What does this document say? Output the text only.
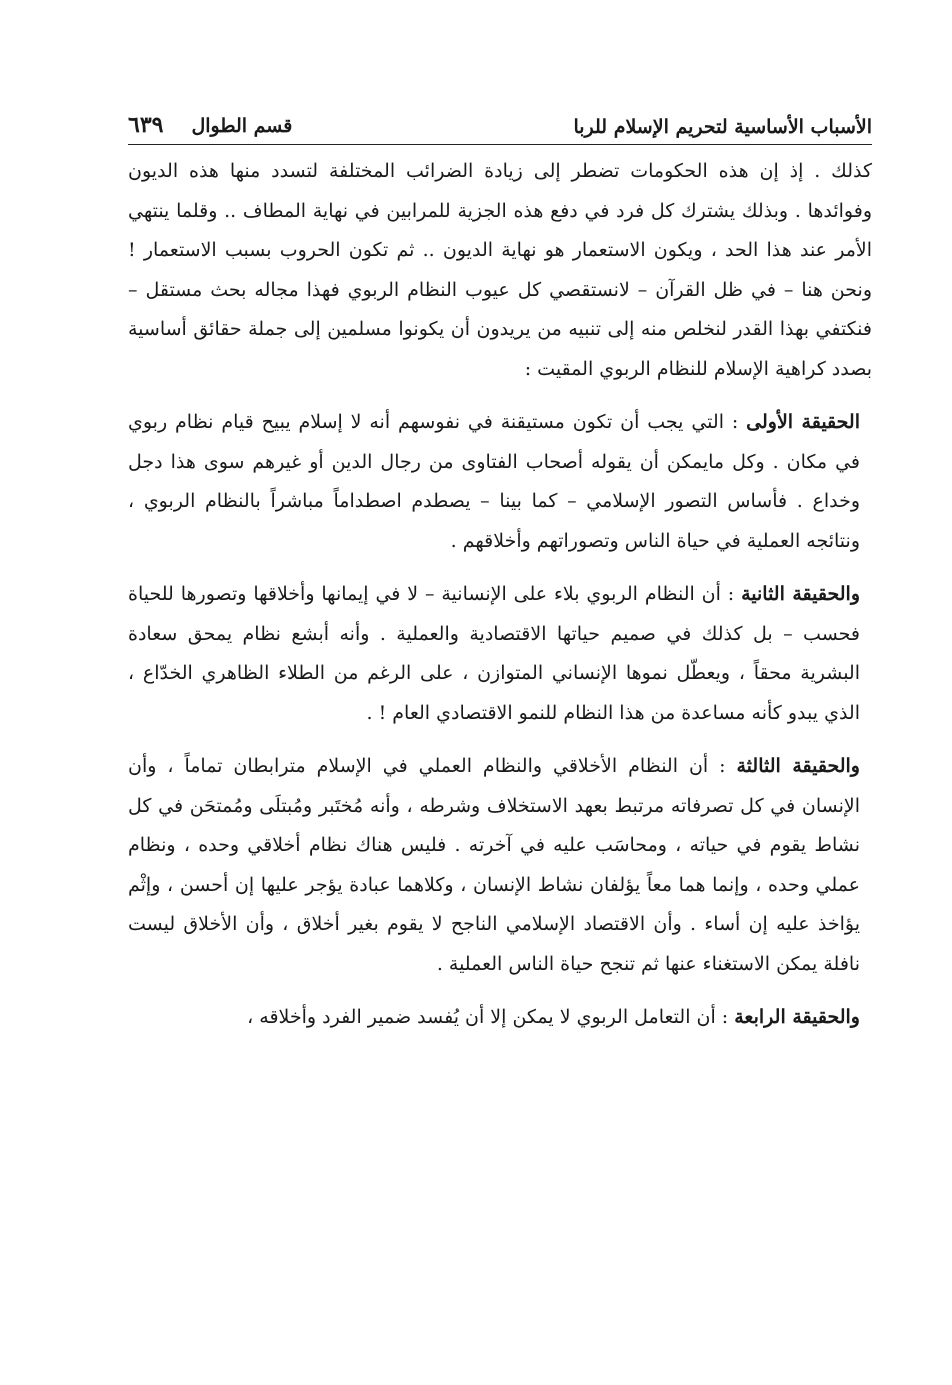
الأسباب الأساسية لتحريم الإسلام للربا
قسم الطوال
٦٣٩

كذلك . إذ إن هذه الحكومات تضطر إلى زيادة الضرائب المختلفة لتسدد منها هذه الديون وفوائدها . وبذلك يشترك كل فرد في دفع هذه الجزية للمرابين في نهاية المطاف .. وقلما ينتهي الأمر عند هذا الحد ، ويكون الاستعمار هو نهاية الديون .. ثم تكون الحروب بسبب الاستعمار ! ونحن هنا – في ظل القرآن – لانستقصي كل عيوب النظام الربوي فهذا مجاله بحث مستقل – فنكتفي بهذا القدر لنخلص منه إلى تنبيه من يريدون أن يكونوا مسلمين إلى جملة حقائق أساسية بصدد كراهية الإسلام للنظام الربوي المقيت :

الحقيقة الأولى : التي يجب أن تكون مستيقنة في نفوسهم أنه لا إسلام يبيح قيام نظام ربوي في مكان . وكل مايمكن أن يقوله أصحاب الفتاوى من رجال الدين أو غيرهم سوى هذا دجل وخداع . فأساس التصور الإسلامي – كما بينا – يصطدم اصطداماً مباشراً بالنظام الربوي ، ونتائجه العملية في حياة الناس وتصوراتهم وأخلاقهم .

والحقيقة الثانية : أن النظام الربوي بلاء على الإنسانية – لا في إيمانها وأخلاقها وتصورها للحياة فحسب – بل كذلك في صميم حياتها الاقتصادية والعملية . وأنه أبشع نظام يمحق سعادة البشرية محقاً ، ويعطّل نموها الإنساني المتوازن ، على الرغم من الطلاء الظاهري الخدّاع ، الذي يبدو كأنه مساعدة من هذا النظام للنمو الاقتصادي العام ! .

والحقيقة الثالثة : أن النظام الأخلاقي والنظام العملي في الإسلام مترابطان تماماً ، وأن الإنسان في كل تصرفاته مرتبط بعهد الاستخلاف وشرطه ، وأنه مُختَبر ومُبتلَى ومُمتحَن في كل نشاط يقوم في حياته ، ومحاسَب عليه في آخرته . فليس هناك نظام أخلاقي وحده ، ونظام عملي وحده ، وإنما هما معاً يؤلفان نشاط الإنسان ، وكلاهما عبادة يؤجر عليها إن أحسن ، وإثْم يؤاخذ عليه إن أساء . وأن الاقتصاد الإسلامي الناجح لا يقوم بغير أخلاق ، وأن الأخلاق ليست نافلة يمكن الاستغناء عنها ثم تنجح حياة الناس العملية .

والحقيقة الرابعة : أن التعامل الربوي لا يمكن إلا أن يُفسد ضمير الفرد وأخلاقه ،
